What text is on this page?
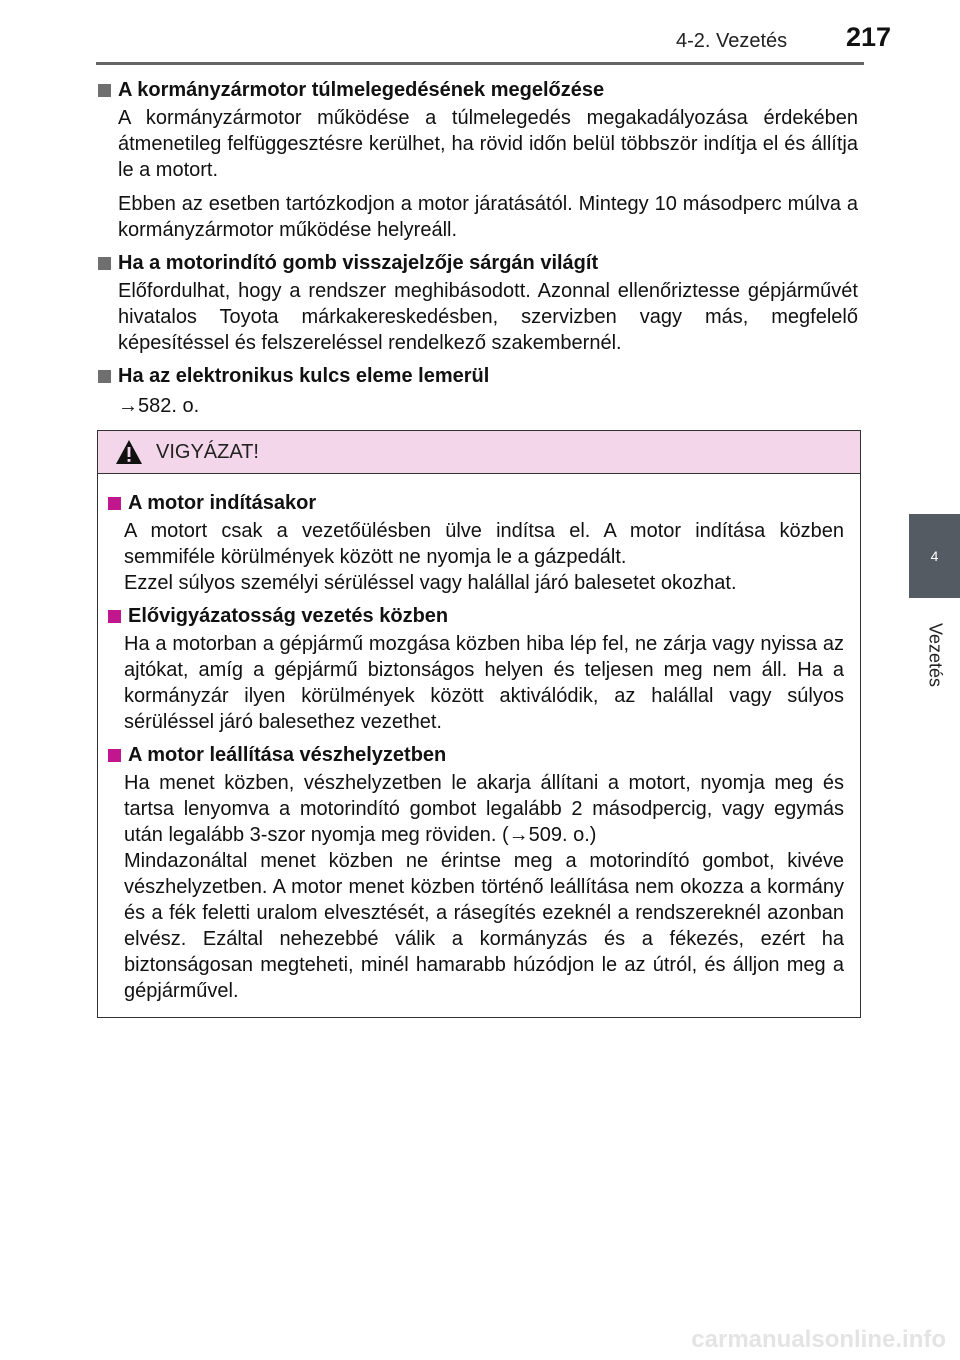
4-2. Vezetés 217
4
Vezetés
A kormányzármotor túlmelegedésének megelőzése

A kormányzármotor működése a túlmelegedés megakadályozása érdekében átmenetileg felfüggesztésre kerülhet, ha rövid időn belül többször indítja el és állítja le a motort.

Ebben az esetben tartózkodjon a motor járatásától. Mintegy 10 másodperc múlva a kormányzármotor működése helyreáll.

Ha a motorindító gomb visszajelzője sárgán világít

Előfordulhat, hogy a rendszer meghibásodott. Azonnal ellenőriztesse gépjárművét hivatalos Toyota márkakereskedésben, szervizben vagy más, megfelelő képesítéssel és felszereléssel rendelkező szakembernél.

Ha az elektronikus kulcs eleme lemerül

→582. o.

VIGYÁZAT!
A motor indításakor

A motort csak a vezetőülésben ülve indítsa el. A motor indítása közben semmiféle körülmények között ne nyomja le a gázpedált.

Ezzel súlyos személyi sérüléssel vagy halállal járó balesetet okozhat.

Elővigyázatosság vezetés közben

Ha a motorban a gépjármű mozgása közben hiba lép fel, ne zárja vagy nyissa az ajtókat, amíg a gépjármű biztonságos helyen és teljesen meg nem áll. Ha a kormányzár ilyen körülmények között aktiválódik, az halállal vagy súlyos sérüléssel járó balesethez vezethet.

A motor leállítása vészhelyzetben

Ha menet közben, vészhelyzetben le akarja állítani a motort, nyomja meg és tartsa lenyomva a motorindító gombot legalább 2 másodpercig, vagy egymás után legalább 3-szor nyomja meg röviden. (→509. o.)

Mindazonáltal menet közben ne érintse meg a motorindító gombot, kivéve vészhelyzetben. A motor menet közben történő leállítása nem okozza a kormány és a fék feletti uralom elvesztését, a rásegítés ezeknél a rendszereknél azonban elvész. Ezáltal nehezebbé válik a kormányzás és a fékezés, ezért ha biztonságosan megteheti, minél hamarabb húzódjon le az útról, és álljon meg a gépjárművel.

carmanualsonline.info
